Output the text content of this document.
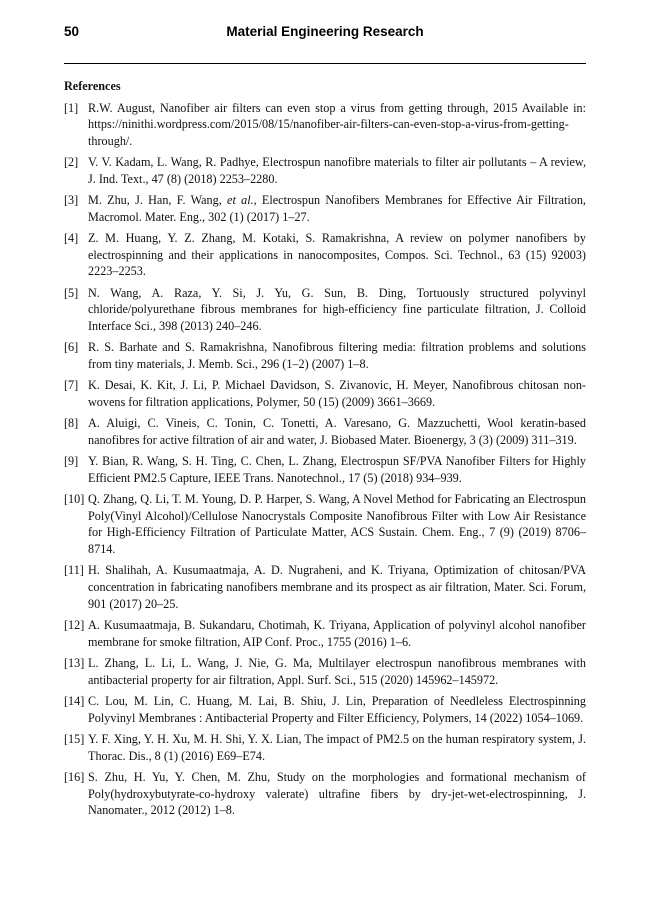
50	Material Engineering Research
References
[1] R.W. August, Nanofiber air filters can even stop a virus from getting through, 2015 Available in: https://ninithi.wordpress.com/2015/08/15/nanofiber-air-filters-can-even-stop-a-virus-from-getting-through/.
[2] V. V. Kadam, L. Wang, R. Padhye, Electrospun nanofibre materials to filter air pollutants – A review, J. Ind. Text., 47 (8) (2018) 2253–2280.
[3] M. Zhu, J. Han, F. Wang, et al., Electrospun Nanofibers Membranes for Effective Air Filtration, Macromol. Mater. Eng., 302 (1) (2017) 1–27.
[4] Z. M. Huang, Y. Z. Zhang, M. Kotaki, S. Ramakrishna, A review on polymer nanofibers by electrospinning and their applications in nanocomposites, Compos. Sci. Technol., 63 (15) 92003) 2223–2253.
[5] N. Wang, A. Raza, Y. Si, J. Yu, G. Sun, B. Ding, Tortuously structured polyvinyl chloride/polyurethane fibrous membranes for high-efficiency fine particulate filtration, J. Colloid Interface Sci., 398 (2013) 240–246.
[6] R. S. Barhate and S. Ramakrishna, Nanofibrous filtering media: filtration problems and solutions from tiny materials, J. Memb. Sci., 296 (1–2) (2007) 1–8.
[7] K. Desai, K. Kit, J. Li, P. Michael Davidson, S. Zivanovic, H. Meyer, Nanofibrous chitosan non-wovens for filtration applications, Polymer, 50 (15) (2009) 3661–3669.
[8] A. Aluigi, C. Vineis, C. Tonin, C. Tonetti, A. Varesano, G. Mazzuchetti, Wool keratin-based nanofibres for active filtration of air and water, J. Biobased Mater. Bioenergy, 3 (3) (2009) 311–319.
[9] Y. Bian, R. Wang, S. H. Ting, C. Chen, L. Zhang, Electrospun SF/PVA Nanofiber Filters for Highly Efficient PM2.5 Capture, IEEE Trans. Nanotechnol., 17 (5) (2018) 934–939.
[10] Q. Zhang, Q. Li, T. M. Young, D. P. Harper, S. Wang, A Novel Method for Fabricating an Electrospun Poly(Vinyl Alcohol)/Cellulose Nanocrystals Composite Nanofibrous Filter with Low Air Resistance for High-Efficiency Filtration of Particulate Matter, ACS Sustain. Chem. Eng., 7 (9) (2019) 8706–8714.
[11] H. Shalihah, A. Kusumaatmaja, A. D. Nugraheni, and K. Triyana, Optimization of chitosan/PVA concentration in fabricating nanofibers membrane and its prospect as air filtration, Mater. Sci. Forum, 901 (2017) 20–25.
[12] A. Kusumaatmaja, B. Sukandaru, Chotimah, K. Triyana, Application of polyvinyl alcohol nanofiber membrane for smoke filtration, AIP Conf. Proc., 1755 (2016) 1–6.
[13] L. Zhang, L. Li, L. Wang, J. Nie, G. Ma, Multilayer electrospun nanofibrous membranes with antibacterial property for air filtration, Appl. Surf. Sci., 515 (2020) 145962–145972.
[14] C. Lou, M. Lin, C. Huang, M. Lai, B. Shiu, J. Lin, Preparation of Needleless Electrospinning Polyvinyl Membranes : Antibacterial Property and Filter Efficiency, Polymers, 14 (2022) 1054–1069.
[15] Y. F. Xing, Y. H. Xu, M. H. Shi, Y. X. Lian, The impact of PM2.5 on the human respiratory system, J. Thorac. Dis., 8 (1) (2016) E69–E74.
[16] S. Zhu, H. Yu, Y. Chen, M. Zhu, Study on the morphologies and formational mechanism of Poly(hydroxybutyrate-co-hydroxy valerate) ultrafine fibers by dry-jet-wet-electrospinning, J. Nanomater., 2012 (2012) 1–8.
